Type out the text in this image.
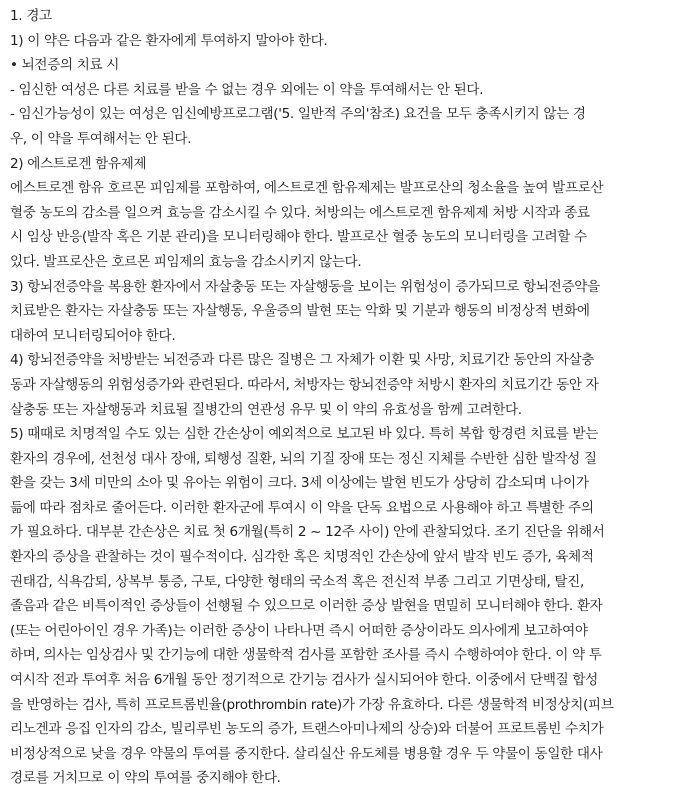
1. 경고
1) 이 약은 다음과 같은 환자에게 투여하지 말아야 한다.
• 뇌전증의 치료 시
- 임신한 여성은 다른 치료를 받을 수 없는 경우 외에는 이 약을 투여해서는 안 된다.
- 임신가능성이 있는 여성은 임신예방프로그램('5. 일반적 주의'참조) 요건을 모두 충족시키지 않는 경
우, 이 약을 투여해서는 안 된다.
2) 에스트로겐 함유제제
에스트로겐 함유 호르몬 피임제를 포함하여, 에스트로겐 함유제제는 발프로산의 청소율을 높여 발프로산
혈중 농도의 감소를 일으켜 효능을 감소시킬 수 있다. 처방의는 에스트로겐 함유제제 처방 시작과 종료
시 임상 반응(발작 혹은 기분 관리)을 모니터링해야 한다. 발프로산 혈중 농도의 모니터링을 고려할 수
있다. 발프로산은 호르몬 피임제의 효능을 감소시키지 않는다.
3) 항뇌전증약을 복용한 환자에서 자살충동 또는 자살행동을 보이는 위험성이 증가되므로 항뇌전증약을
치료받은 환자는 자살충동 또는 자살행동, 우울증의 발현 또는 악화 및 기분과 행동의 비정상적 변화에
대하여 모니터링되어야 한다.
4) 항뇌전증약을 처방받는 뇌전증과 다른 많은 질병은 그 자체가 이환 및 사망, 치료기간 동안의 자살충
동과 자살행동의 위험성증가와 관련된다. 따라서, 처방자는 항뇌전증약 처방시 환자의 치료기간 동안 자
살충동 또는 자살행동과 치료될 질병간의 연관성 유무 및 이 약의 유효성을 함께 고려한다.
5) 때때로 치명적일 수도 있는 심한 간손상이 예외적으로 보고된 바 있다. 특히 복합 항경련 치료를 받는
환자의 경우에, 선천성 대사 장애, 퇴행성 질환, 뇌의 기질 장애 또는 정신 지체를 수반한 심한 발작성 질
환을 갖는 3세 미만의 소아 및 유아는 위험이 크다. 3세 이상에는 발현 빈도가 상당히 감소되며 나이가
듦에 따라 점차로 줄어든다. 이러한 환자군에 투여시 이 약을 단독 요법으로 사용해야 하고 특별한 주의
가 필요하다. 대부분 간손상은 치료 첫 6개월(특히 2 ~ 12주 사이) 안에 관찰되었다. 조기 진단을 위해서
환자의 증상을 관찰하는 것이 필수적이다. 심각한 혹은 치명적인 간손상에 앞서 발작 빈도 증가, 육체적
권태감, 식욕감퇴, 상복부 통증, 구토, 다양한 형태의 국소적 혹은 전신적 부종 그리고 기면상태, 탈진,
졸음과 같은 비특이적인 증상들이 선행될 수 있으므로 이러한 증상 발현을 면밀히 모니터해야 한다. 환자
(또는 어린아이인 경우 가족)는 이러한 증상이 나타나면 즉시 어떠한 증상이라도 의사에게 보고하여야
하며, 의사는 임상검사 및 간기능에 대한 생물학적 검사를 포함한 조사를 즉시 수행하여야 한다. 이 약 투
여시작 전과 투여후 처음 6개월 동안 정기적으로 간기능 검사가 실시되어야 한다. 이중에서 단백질 합성
을 반영하는 검사, 특히 프로트롬빈율(prothrombin rate)가 가장 유효하다. 다른 생물학적 비정상치(피브
리노겐과 응집 인자의 감소, 빌리루빈 농도의 증가, 트랜스아미나제의 상승)와 더불어 프로트롬빈 수치가
비정상적으로 낮을 경우 약물의 투여를 중지한다. 살리실산 유도체를 병용할 경우 두 약물이 동일한 대사
경로를 거치므로 이 약의 투여를 중지해야 한다.
